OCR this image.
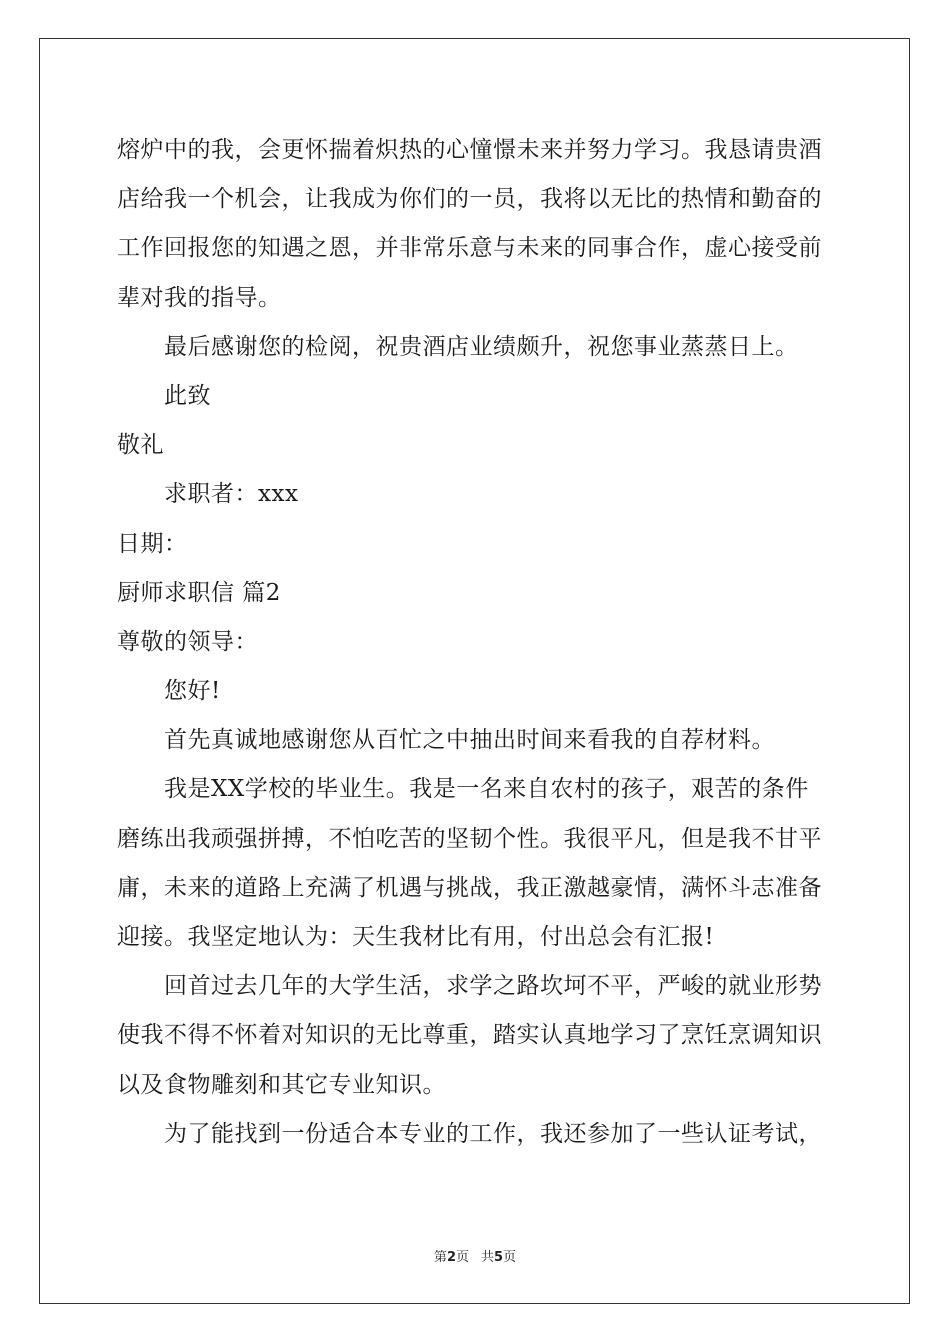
熔炉中的我，会更怀揣着炽热的心憧憬未来并努力学习。我恳请贵酒
店给我一个机会，让我成为你们的一员，我将以无比的热情和勤奋的
工作回报您的知遇之恩，并非常乐意与未来的同事合作，虚心接受前
辈对我的指导。
最后感谢您的检阅，祝贵酒店业绩颇升，祝您事业蒸蒸日上。
此致
敬礼
求职者：xxx
日期：
厨师求职信 篇2
尊敬的领导：
您好!
首先真诚地感谢您从百忙之中抽出时间来看我的自荐材料。
我是XX学校的毕业生。我是一名来自农村的孩子，艰苦的条件
磨练出我顽强拼搏，不怕吃苦的坚韧个性。我很平凡，但是我不甘平
庸，未来的道路上充满了机遇与挑战，我正激越豪情，满怀斗志准备
迎接。我坚定地认为：天生我材比有用，付出总会有汇报!
回首过去几年的大学生活，求学之路坎坷不平，严峻的就业形势
使我不得不怀着对知识的无比尊重，踏实认真地学习了烹饪烹调知识
以及食物雕刻和其它专业知识。
为了能找到一份适合本专业的工作，我还参加了一些认证考试，
第2页 共5页
